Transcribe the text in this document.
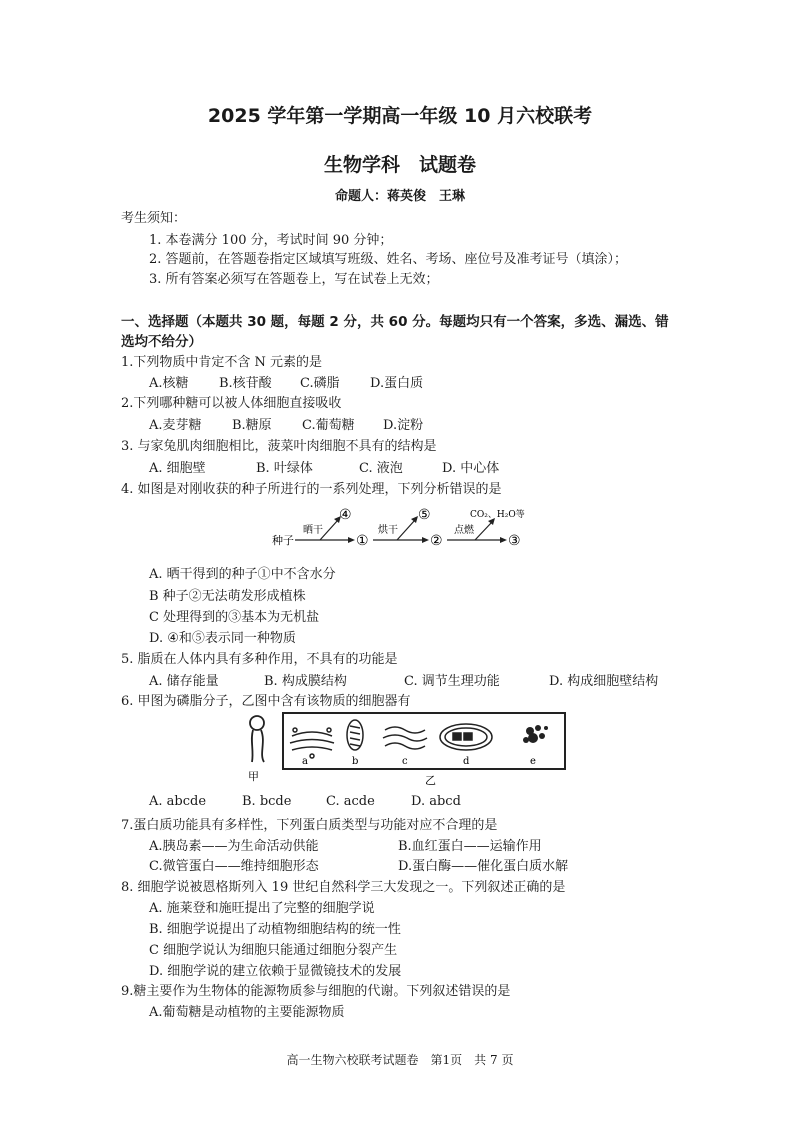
2025 学年第一学期高一年级 10 月六校联考
生物学科　试题卷
命题人：蒋英俊　王琳
考生须知：
1. 本卷满分 100 分，考试时间 90 分钟；
2. 答题前，在答题卷指定区域填写班级、姓名、考场、座位号及准考证号（填涂）；
3. 所有答案必须写在答题卷上，写在试卷上无效；
一、选择题（本题共 30 题，每题 2 分，共 60 分。每题均只有一个答案，多选、漏选、错
选均不给分）
1.下列物质中肯定不含 N 元素的是
A.核糖 B.核苷酸 C.磷脂 D.蛋白质
2.下列哪种糖可以被人体细胞直接吸收
A.麦芽糖 B.糖原 C.葡萄糖 D.淀粉
3. 与家兔肌肉细胞相比，菠菜叶肉细胞不具有的结构是
A. 细胞壁	B. 叶绿体	C. 液泡	D. 中心体
4. 如图是对刚收获的种子所进行的一系列处理，下列分析错误的是
种子
晒干
④
①
烘干
⑤
②
点燃
CO₂、H₂O等
③
A. 晒干得到的种子①中不含水分
B 种子②无法萌发形成植株
C 处理得到的③基本为无机盐
D. ④和⑤表示同一种物质
5. 脂质在人体内具有多种作用，不具有的功能是
A. 储存能量	B. 构成膜结构	C. 调节生理功能	D. 构成细胞壁结构
6. 甲图为磷脂分子，乙图中含有该物质的细胞器有
甲
a	b	c	d	e
乙
A. abcde	B. bcde	C. acde	D. abcd
7.蛋白质功能具有多样性，下列蛋白质类型与功能对应不合理的是
A.胰岛素——为生命活动供能	B.血红蛋白——运输作用
C.微管蛋白——维持细胞形态	D.蛋白酶——催化蛋白质水解
8. 细胞学说被恩格斯列入 19 世纪自然科学三大发现之一。下列叙述正确的是
A. 施莱登和施旺提出了完整的细胞学说
B. 细胞学说提出了动植物细胞结构的统一性
C 细胞学说认为细胞只能通过细胞分裂产生
D. 细胞学说的建立依赖于显微镜技术的发展
9.糖主要作为生物体的能源物质参与细胞的代谢。下列叙述错误的是
A.葡萄糖是动植物的主要能源物质
高一生物六校联考试题卷　第1页　共 7 页
